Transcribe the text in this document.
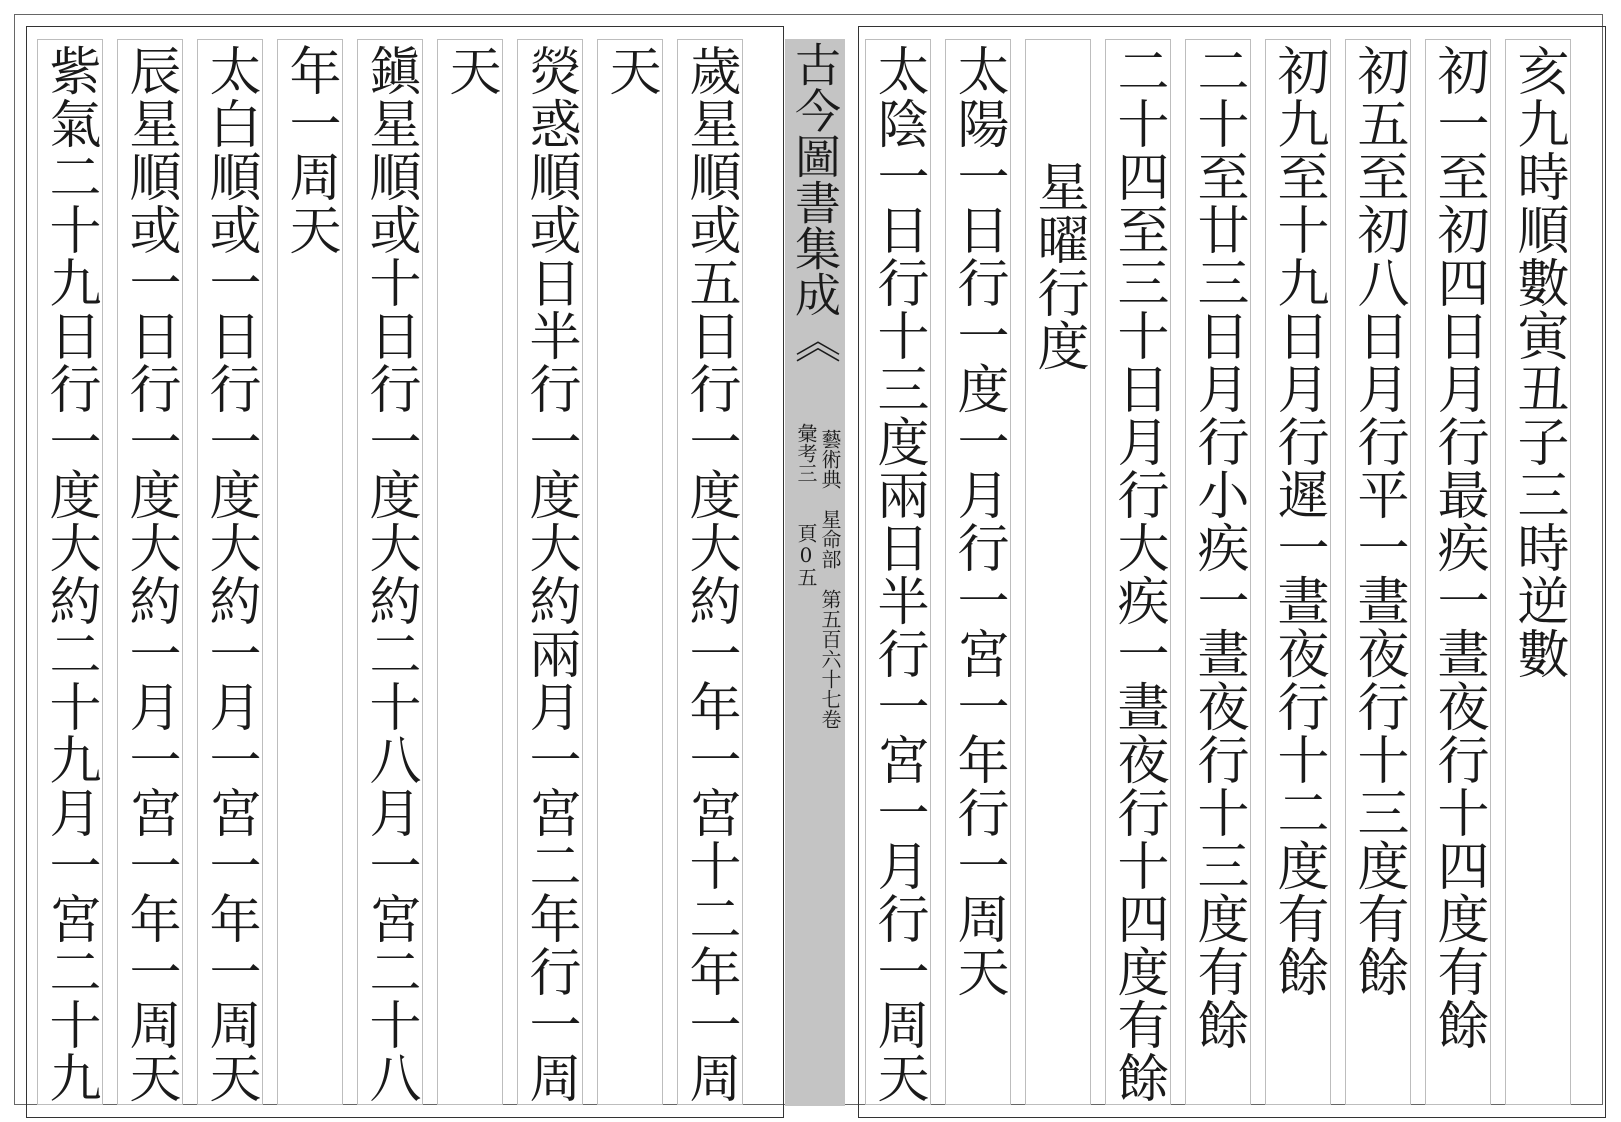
歲星順或五日行一度大約一年一宮十二年一周
天
熒惑順或日半行一度大約兩月一宮二年行一周
天
鎭星順或十日行一度大約二十八月一宮二十八
年一周天
太白順或一日行一度大約一月一宮一年一周天
辰星順或一日行一度大約一月一宮一年一周天
紫氣二十九日行一度大約二十九月一宮二十九	古今圖書集成《
藝術典　星命部　第五百六十七卷
彙考三　　頁0五	亥九時順數寅丑子三時逆數
初一至初四日月行最疾一晝夜行十四度有餘
初五至初八日月行平一晝夜行十三度有餘
初九至十九日月行遲一晝夜行十二度有餘
二十至廿三日月行小疾一晝夜行十三度有餘
二十四至三十日月行大疾一晝夜行十四度有餘
星曜行度
太陽一日行一度一月行一宮一年行一周天
太陰一日行十三度兩日半行一宮一月行一周天
